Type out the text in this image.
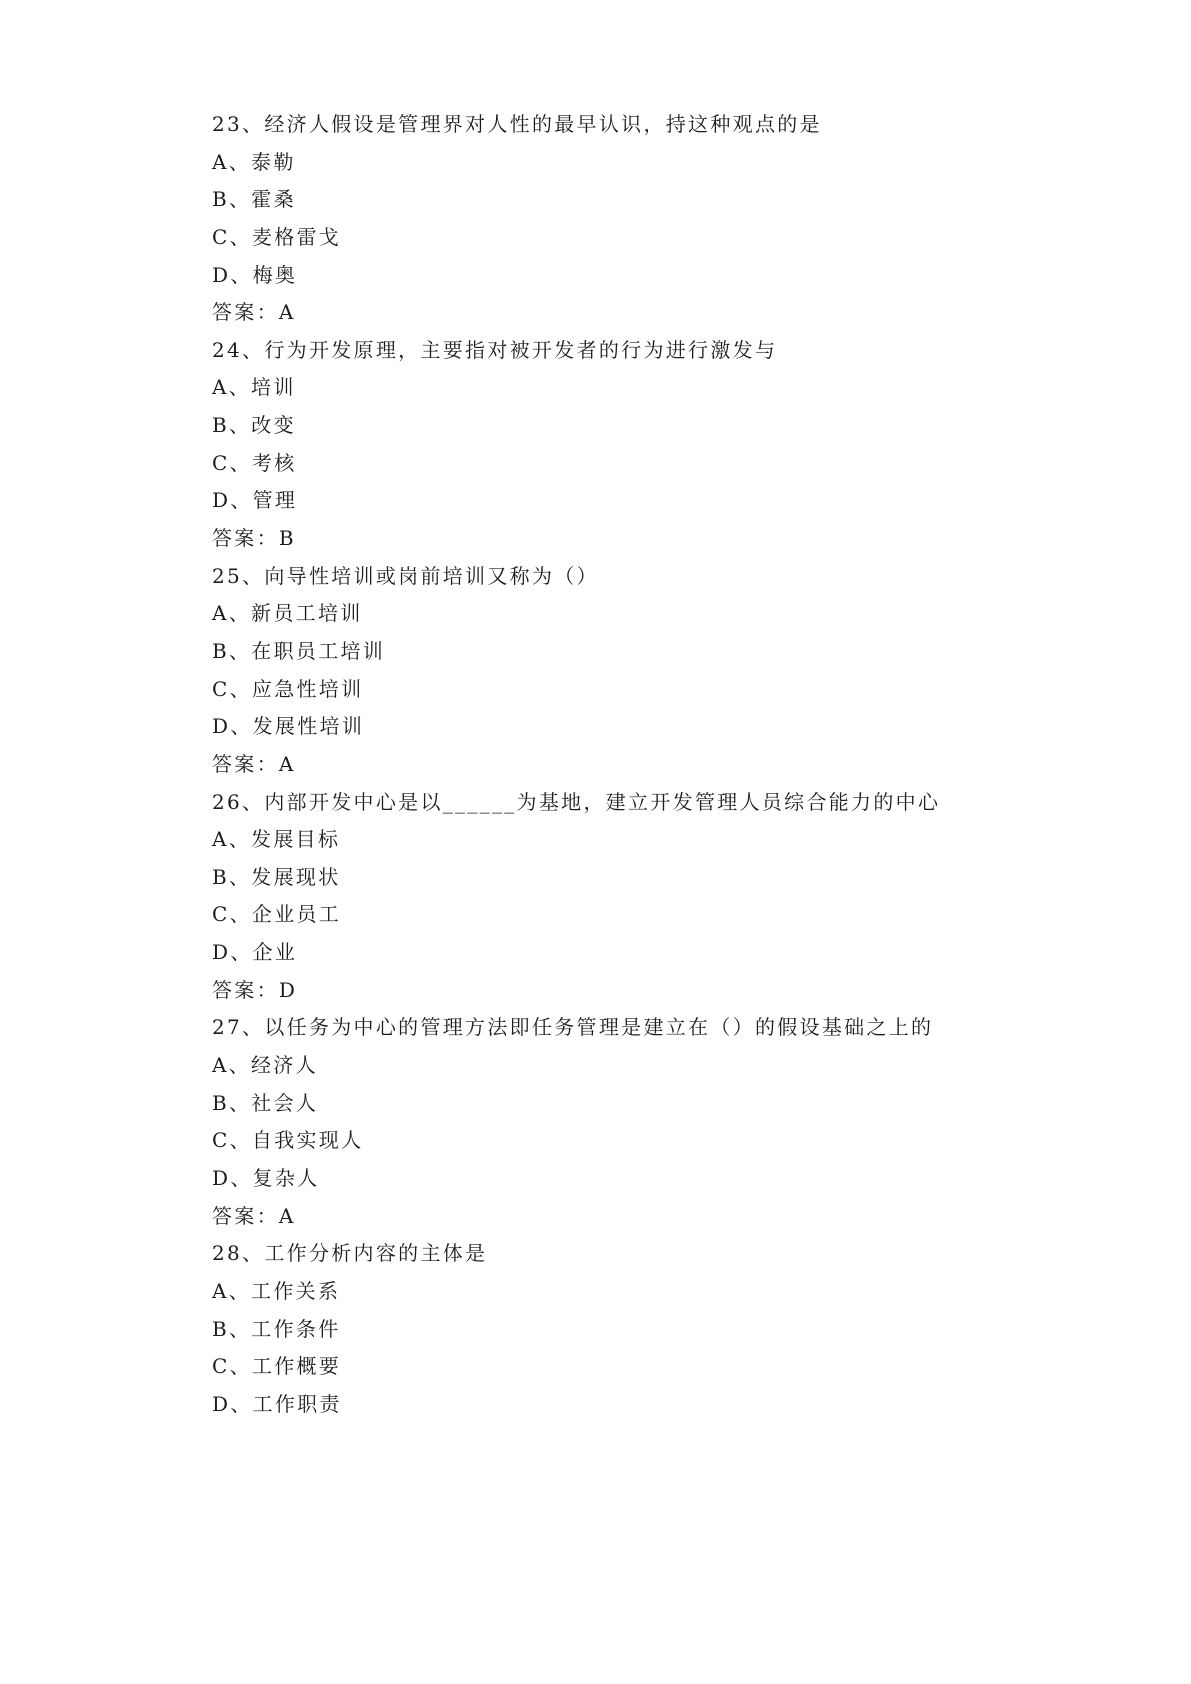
23、经济人假设是管理界对人性的最早认识，持这种观点的是
A、泰勒
B、霍桑
C、麦格雷戈
D、梅奥
答案：A
24、行为开发原理，主要指对被开发者的行为进行激发与
A、培训
B、改变
C、考核
D、管理
答案：B
25、向导性培训或岗前培训又称为（）
A、新员工培训
B、在职员工培训
C、应急性培训
D、发展性培训
答案：A
26、内部开发中心是以______为基地，建立开发管理人员综合能力的中心
A、发展目标
B、发展现状
C、企业员工
D、企业
答案：D
27、以任务为中心的管理方法即任务管理是建立在（）的假设基础之上的
A、经济人
B、社会人
C、自我实现人
D、复杂人
答案：A
28、工作分析内容的主体是
A、工作关系
B、工作条件
C、工作概要
D、工作职责
